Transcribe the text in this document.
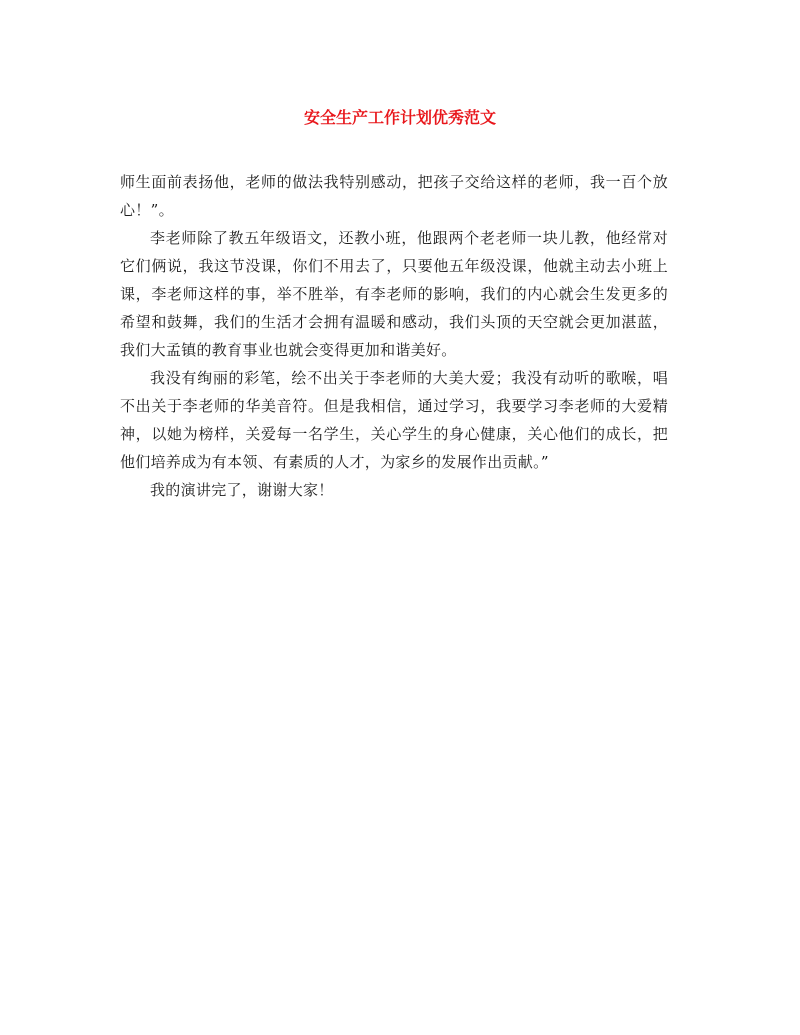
安全生产工作计划优秀范文
师生面前表扬他，老师的做法我特别感动，把孩子交给这样的老师，我一百个放
心！”。
李老师除了教五年级语文，还教小班，他跟两个老老师一块儿教，他经常对
它们俩说，我这节没课，你们不用去了，只要他五年级没课，他就主动去小班上
课，李老师这样的事，举不胜举，有李老师的影响，我们的内心就会生发更多的
希望和鼓舞，我们的生活才会拥有温暖和感动，我们头顶的天空就会更加湛蓝，
我们大孟镇的教育事业也就会变得更加和谐美好。
我没有绚丽的彩笔，绘不出关于李老师的大美大爱；我没有动听的歌喉，唱
不出关于李老师的华美音符。但是我相信，通过学习，我要学习李老师的大爱精
神，以她为榜样，关爱每一名学生，关心学生的身心健康，关心他们的成长，把
他们培养成为有本领、有素质的人才，为家乡的发展作出贡献。”
我的演讲完了，谢谢大家！
